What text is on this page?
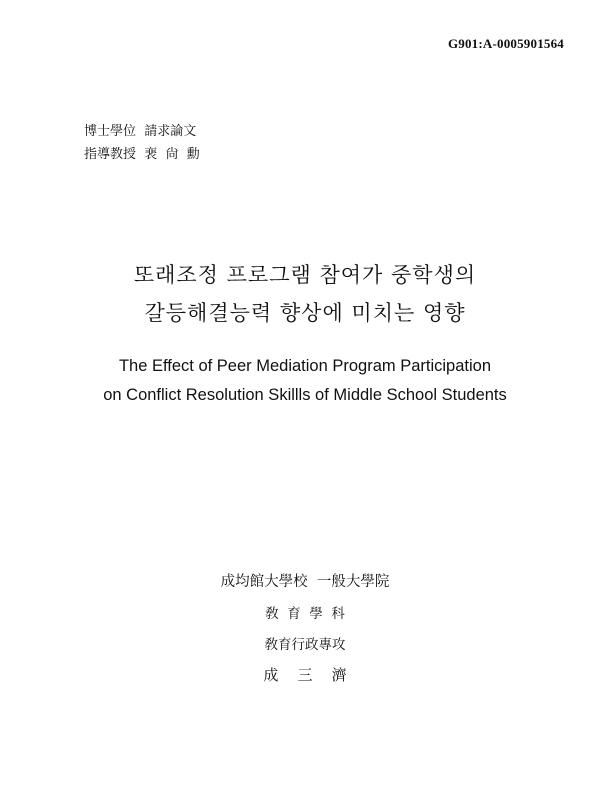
G901:A-0005901564
博士學位  請求論文
指導教授  裵  尙  勳
또래조정 프로그램 참여가 중학생의
갈등해결능력 향상에 미치는 영향
The Effect of Peer Mediation Program Participation
on Conflict Resolution Skillls of Middle School Students
成均館大學校  一般大學院
敎  育  學  科
敎育行政專攻
成    三    濟
